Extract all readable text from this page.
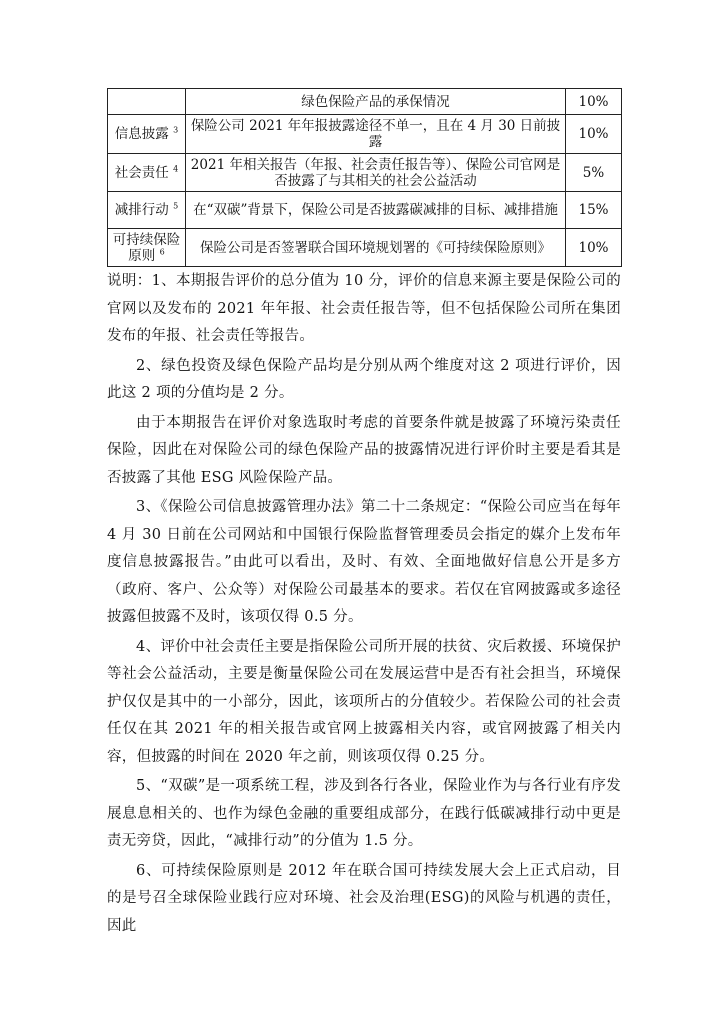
	绿色保险产品的承保情况	10%
信息披露 $^3$	保险公司 2021 年年报披露途径不单一，且在 4 月 30 日前披露	10%
社会责任 $^4$	2021 年相关报告（年报、社会责任报告等）、保险公司官网是否披露了与其相关的社会公益活动	5%
减排行动 $^5$	在“双碳”背景下，保险公司是否披露碳减排的目标、减排措施	15%
可持续保险原则 $^6$	保险公司是否签署联合国环境规划署的《可持续保险原则》	10%

说明：1、本期报告评价的总分值为 10 分，评价的信息来源主要是保险公司的官网以及发布的 2021 年年报、社会责任报告等，但不包括保险公司所在集团发布的年报、社会责任等报告。

2、绿色投资及绿色保险产品均是分别从两个维度对这 2 项进行评价，因此这 2 项的分值均是 2 分。

由于本期报告在评价对象选取时考虑的首要条件就是披露了环境污染责任保险，因此在对保险公司的绿色保险产品的披露情况进行评价时主要是看其是否披露了其他 ESG 风险保险产品。

3、《保险公司信息披露管理办法》第二十二条规定：“保险公司应当在每年 4 月 30 日前在公司网站和中国银行保险监督管理委员会指定的媒介上发布年度信息披露报告。”由此可以看出，及时、有效、全面地做好信息公开是多方（政府、客户、公众等）对保险公司最基本的要求。若仅在官网披露或多途径披露但披露不及时，该项仅得 0.5 分。

4、评价中社会责任主要是指保险公司所开展的扶贫、灾后救援、环境保护等社会公益活动，主要是衡量保险公司在发展运营中是否有社会担当，环境保护仅仅是其中的一小部分，因此，该项所占的分值较少。若保险公司的社会责任仅在其 2021 年的相关报告或官网上披露相关内容，或官网披露了相关内容，但披露的时间在 2020 年之前，则该项仅得 0.25 分。

5、“双碳”是一项系统工程，涉及到各行各业，保险业作为与各行业有序发展息息相关的、也作为绿色金融的重要组成部分，在践行低碳减排行动中更是责无旁贷，因此，“减排行动”的分值为 1.5 分。

6、可持续保险原则是 2012 年在联合国可持续发展大会上正式启动，目的是号召全球保险业践行应对环境、社会及治理(ESG)的风险与机遇的责任，因此
